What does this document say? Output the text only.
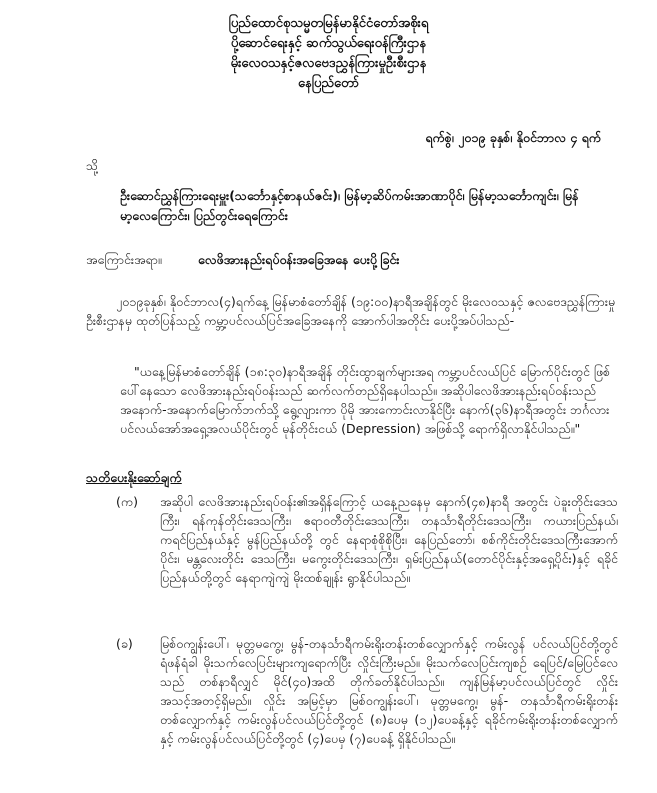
ပြည်ထောင်စုသမ္မတမြန်မာနိုင်ငံတော်အစိုးရ
ပို့ဆောင်ရေးနှင့် ဆက်သွယ်ရေးဝန်ကြီးဌာန
မိုးလေဝသနှင့်ဇလဗေဒညွှန်ကြားမှုဦးစီးဌာန
နေပြည်တော်
ရက်စွဲ၊ ၂၀၁၉ ခုနှစ်၊ နိုဝင်ဘာလ ၄ ရက်
သို့
ဦးဆောင်ညွှန်ကြားရေးမှူး(သင်္ဘောနှင့်စာနယ်ဇင်း)၊ မြန်မာ့ဆိပ်ကမ်းအာဏာပိုင်၊ မြန်မာ့သင်္ဘောကျင်း၊ မြန်မာ့လေကြောင်း၊ ပြည်တွင်းရေကြောင်း
အကြောင်းအရာ။	လေဖိအားနည်းရပ်ဝန်းအခြေအနေ ပေးပို့ခြင်း
၂၀၁၉ခုနှစ်၊ နိုဝင်ဘာလ(၄)ရက်နေ့ မြန်မာစံတော်ချိန် (၁၉:၀၀)နာရီအချိန်တွင် မိုးလေဝသနှင့် ဇလဗေဒညွှန်ကြားမှုဦးစီးဌာနမှ ထုတ်ပြန်သည့် ကမ္ဘာ့ပင်လယ်ပြင်အခြေအနေကို အောက်ပါအတိုင်း ပေးပို့အပ်ပါသည်-
"ယနေ့မြန်မာစံတော်ချိန် (၁၈:၃၀)နာရီအချိန် တိုင်းထွာချက်များအရ ကမ္ဘာ့ပင်လယ်ပြင် မြောက်ပိုင်းတွင် ဖြစ်ပေါ်နေသော လေဖိအားနည်းရပ်ဝန်းသည် ဆက်လက်တည်ရှိနေပါသည်။ အဆိုပါလေဖိအားနည်းရပ်ဝန်းသည် အနောက်-အနောက်မြောက်ဘက်သို့ ရွေ့လျားကာ ပိုမို အားကောင်းလာနိုင်ပြီး နောက်(၃၆)နာရီအတွင်း ဘင်္ဂလားပင်လယ်အော်အရှေ့အလယ်ပိုင်းတွင် မုန်တိုင်းငယ် (Depression) အဖြစ်သို့ ရောက်ရှိလာနိုင်ပါသည်။"
သတိပေးနိုးဆော်ချက်
(က) အဆိုပါ လေဖိအားနည်းရပ်ဝန်း၏အရှိန်ကြောင့် ယနေ့ညနေမှ နောက်(၄၈)နာရီ အတွင်း ပဲခူးတိုင်းဒေသကြီး၊ ရန်ကုန်တိုင်းဒေသကြီး၊ ဧရာဝတီတိုင်းဒေသကြီး၊ တနင်္သာရီတိုင်းဒေသကြီး၊ ကယားပြည်နယ်၊ ကရင်ပြည်နယ်နှင့် မွန်ပြည်နယ်တို့ တွင် နေရာစုံစိုစိုပြီး၊ နေပြည်တော်၊ စစ်ကိုင်းတိုင်းဒေသကြီးအောက်ပိုင်း၊ မန္တလေးတိုင်း ဒေသကြီး၊ မကွေးတိုင်းဒေသကြီး၊ ရှမ်းပြည်နယ်(တောင်ပိုင်းနှင့်အရှေ့ပိုင်း)နှင့် ရခိုင် ပြည်နယ်တို့တွင် နေရာကျဲကျဲ မိုးထစ်ချုန်း ရွာနိုင်ပါသည်။
(ခ) မြစ်ဝကျွန်းပေါ်၊ မုတ္တမကွေ့၊ မွန်-တနင်္သာရီကမ်းရိုးတန်းတစ်လျှောက်နှင့် ကမ်းလွန် ပင်လယ်ပြင်တို့တွင် ရံဖန်ရံခါ မိုးသက်လေပြင်းများကျရောက်ပြီး လှိုင်းကြီးမည်။ မိုးသက်လေပြင်းကျစဉ် ရေပြင်/မြေပြင်လေသည် တစ်နာရီလျှင် မိုင်(၄၀)အထိ တိုက်ခတ်နိုင်ပါသည်။ ကျန်မြန်မာ့ပင်လယ်ပြင်တွင် လှိုင်းအသင့်အတင့်ရှိမည်။ လှိုင်း အမြင့်မှာ မြစ်ဝကျွန်းပေါ်၊ မုတ္တမကွေ့၊ မွန်- တနင်္သာရီကမ်းရိုးတန်းတစ်လျှောက်နှင့် ကမ်းလွန်ပင်လယ်ပြင်တို့တွင် (၈)ပေမှ (၁၂)ပေခန့်နှင့် ရခိုင်ကမ်းရိုးတန်းတစ်လျှောက် နှင့် ကမ်းလွန်ပင်လယ်ပြင်တို့တွင် (၄)ပေမှ (၇)ပေခန့် ရှိနိုင်ပါသည်။
